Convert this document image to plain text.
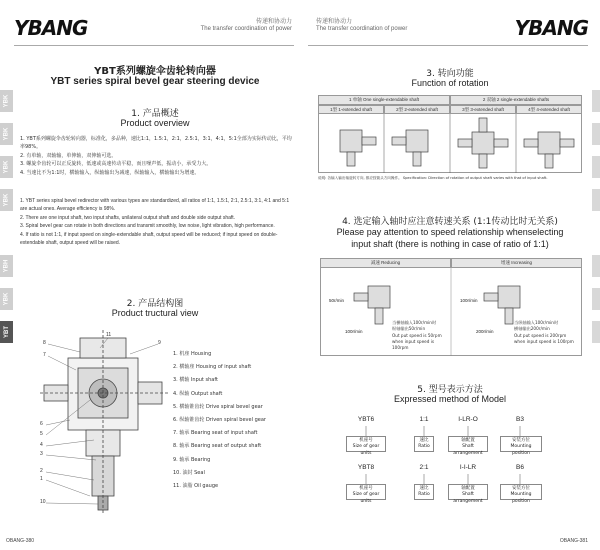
YBANG	传递和协动力
The transfer coordination of power
YBK
YBK
YBK
YBK
YBH
YBK
YBT
YBT系列螺旋伞齿轮转向器
YBT series spiral bevel gear steering device
1. 产品概述
Product overview

1. YBT系列螺旋伞齿轮转向器，标准化，多品种，速比1:1，1.5:1，2:1，2.5:1，3:1，4:1，5:1全部为实际传动比，平均率98%。

2. 有单轴，双轴输，单伸轴，双伸轴可选。

3. 螺旋伞齿轮可以正反旋转，低速或高速传动平稳，而且噪声低，振动小，承受力大。

4. 当速比不为1:1时，横轴输入，纵轴输出为减速，纵轴输入，横轴输出为增速。

1. YBT series spiral bevel redirector with various types are standardized, all ratios of 1:1, 1.5:1, 2:1, 2.5:1, 3:1, 4:1 and 5:1 are actual ones. Average efficiency is 98%.

2. There are one input shaft, two input shafts, unilateral output shaft and double side output shaft.

3. Spiral bevel gear can rotate in both directions and transmit smoothly, low noise, light vibration, high performance.

4. If ratio is not 1:1, if input speed on single-extendable shaft, output speed will be reduced; if input speed on double- extendable shaft, output speed will be raised.

2. 产品结构图
Product tructural view
8
7
11
9
6
5
4
3
2
1
10
1. 机座 Housing
2. 横轴座 Housing of input shaft
3. 横轴 Input shaft
4. 纵轴 Output shaft
5. 横轴锥齿轮 Drive spiral bevel gear
6. 纵轴锥齿轮 Driven spiral bevel gear
7. 轴承 Bearing seat of input shaft
8. 轴承 Bearing seat of output shaft
9. 轴承 Bearing
10. 油封 Seal
11. 油脂 Oil gauge
OBANG-380
传递和协动力
The transfer coordination of power	YBANG
3. 转向功能
Function of rotation
1 单轴 One single-extendable shaft	2 双轴 2 single-extendable shafts
1型 1-extended shaft	2型 2-extended shaft	3型 3-extended shaft	4型 4-extended shaft
说明: 各输入输出轴旋转方向, 都应按箭头方向操作。 Specification: Direction of rotation of output shaft varies with that of input shaft.
4. 选定输入轴时应注意转速关系 (1:1传动比时无关系)
Please pay attention to speed relationship whenselecting
input shaft (there is nothing in case of ratio of 1:1)
减速 Reducing	增速 Increasing
50r/min
100r/min
当横轴输入100r/min时
纵轴输出50r/min
Out put speed is 50rpm
when input speed is 100rpm
100r/min
200r/min
当纵轴输入100r/min时
横轴输出200r/min
Out put speed is 200rpm
when input speed is 100rpm
5. 型号表示方法
Expressed method of Model
YBT6	1:1	I-LR-O	B3
机座号
Size of gear units
速比
Ratio
轴配置
Shaft arrangement
安装方位
Mounting position
YBT8	2:1	I-I-LR	B6
机座号
Size of gear units
速比
Ratio
轴配置
Shaft arrangement
安装方位
Mounting position
OBANG-381
